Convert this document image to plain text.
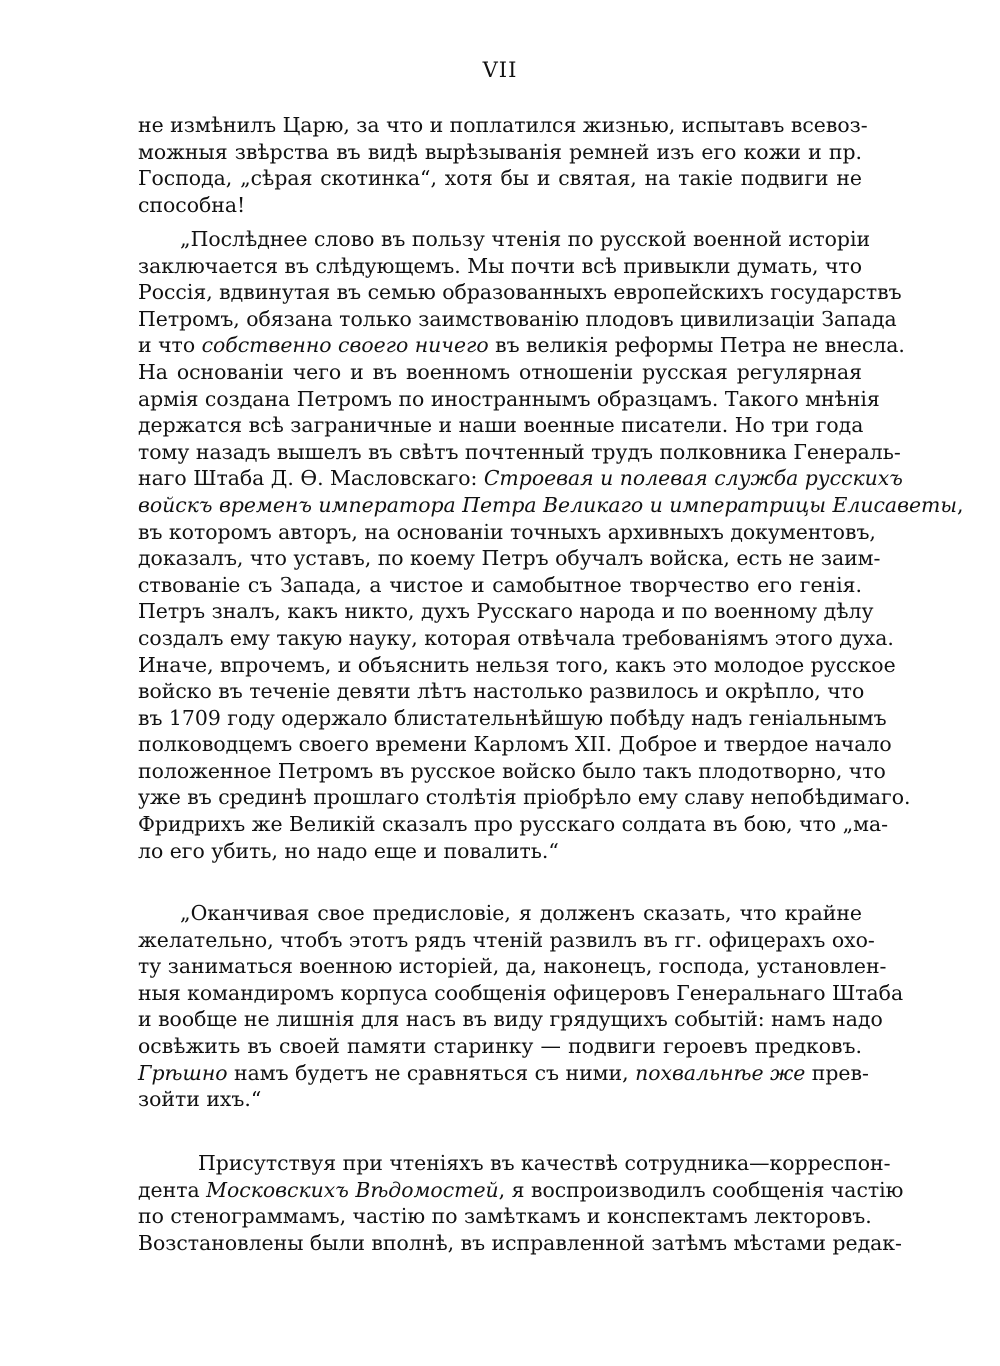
VII
не измѣнилъ Царю, за что и поплатился жизнью, испытавъ всевоз-
можныя звѣрства въ видѣ вырѣзыванія ремней изъ его кожи и пр.
Господа, „сѣрая скотинка“, хотя бы и святая, на такіе подвиги не
способна!
„Послѣднее слово въ пользу чтенія по русской военной исторіи
заключается въ слѣдующемъ. Мы почти всѣ привыкли думать, что
Россія, вдвинутая въ семью образованныхъ европейскихъ государствъ
Петромъ, обязана только заимствованію плодовъ цивилизаціи Запада
и что собственно своего ничего въ великія реформы Петра не внесла.
На основаніи чего и въ военномъ отношеніи русская регулярная
армія создана Петромъ по иностраннымъ образцамъ. Такого мнѣнія
держатся всѣ заграничные и наши военные писатели. Но три года
тому назадъ вышелъ въ свѣтъ почтенный трудъ полковника Генераль-
наго Штаба Д. Ѳ. Масловскаго: Строевая и полевая служба русскихъ
войскъ временъ императора Петра Великаго и императрицы Елисаветы,
въ которомъ авторъ, на основаніи точныхъ архивныхъ документовъ,
доказалъ, что уставъ, по коему Петръ обучалъ войска, есть не заим-
ствованіе съ Запада, а чистое и самобытное творчество его генія.
Петръ зналъ, какъ никто, духъ Русскаго народа и по военному дѣлу
создалъ ему такую науку, которая отвѣчала требованіямъ этого духа.
Иначе, впрочемъ, и объяснить нельзя того, какъ это молодое русское
войско въ теченіе девяти лѣтъ настолько развилось и окрѣпло, что
въ 1709 году одержало блистательнѣйшую побѣду надъ геніальнымъ
полководцемъ своего времени Карломъ XII. Доброе и твердое начало
положенное Петромъ въ русское войско было такъ плодотворно, что
уже въ срединѣ прошлаго столѣтія пріобрѣло ему славу непобѣдимаго.
Фридрихъ же Великій сказалъ про русскаго солдата въ бою, что „ма-
ло его убить, но надо еще и повалить.“
„Оканчивая свое предисловіе, я долженъ сказать, что крайне
желательно, чтобъ этотъ рядъ чтеній развилъ въ гг. офицерахъ охо-
ту заниматься военною исторіей, да, наконецъ, господа, установлен-
ныя командиромъ корпуса сообщенія офицеровъ Генеральнаго Штаба
и вообще не лишнія для насъ въ виду грядущихъ событій: намъ надо
освѣжить въ своей памяти старинку — подвиги героевъ предковъ.
Грѣшно намъ будетъ не сравняться съ ними, похвальнѣе же прев-
зойти ихъ.“
Присутствуя при чтеніяхъ въ качествѣ сотрудника—корреспон-
дента Московскихъ Вѣдомостей, я воспроизводилъ сообщенія частію
по стенограммамъ, частію по замѣткамъ и конспектамъ лекторовъ.
Возстановлены были вполнѣ, въ исправленной затѣмъ мѣстами редак-
